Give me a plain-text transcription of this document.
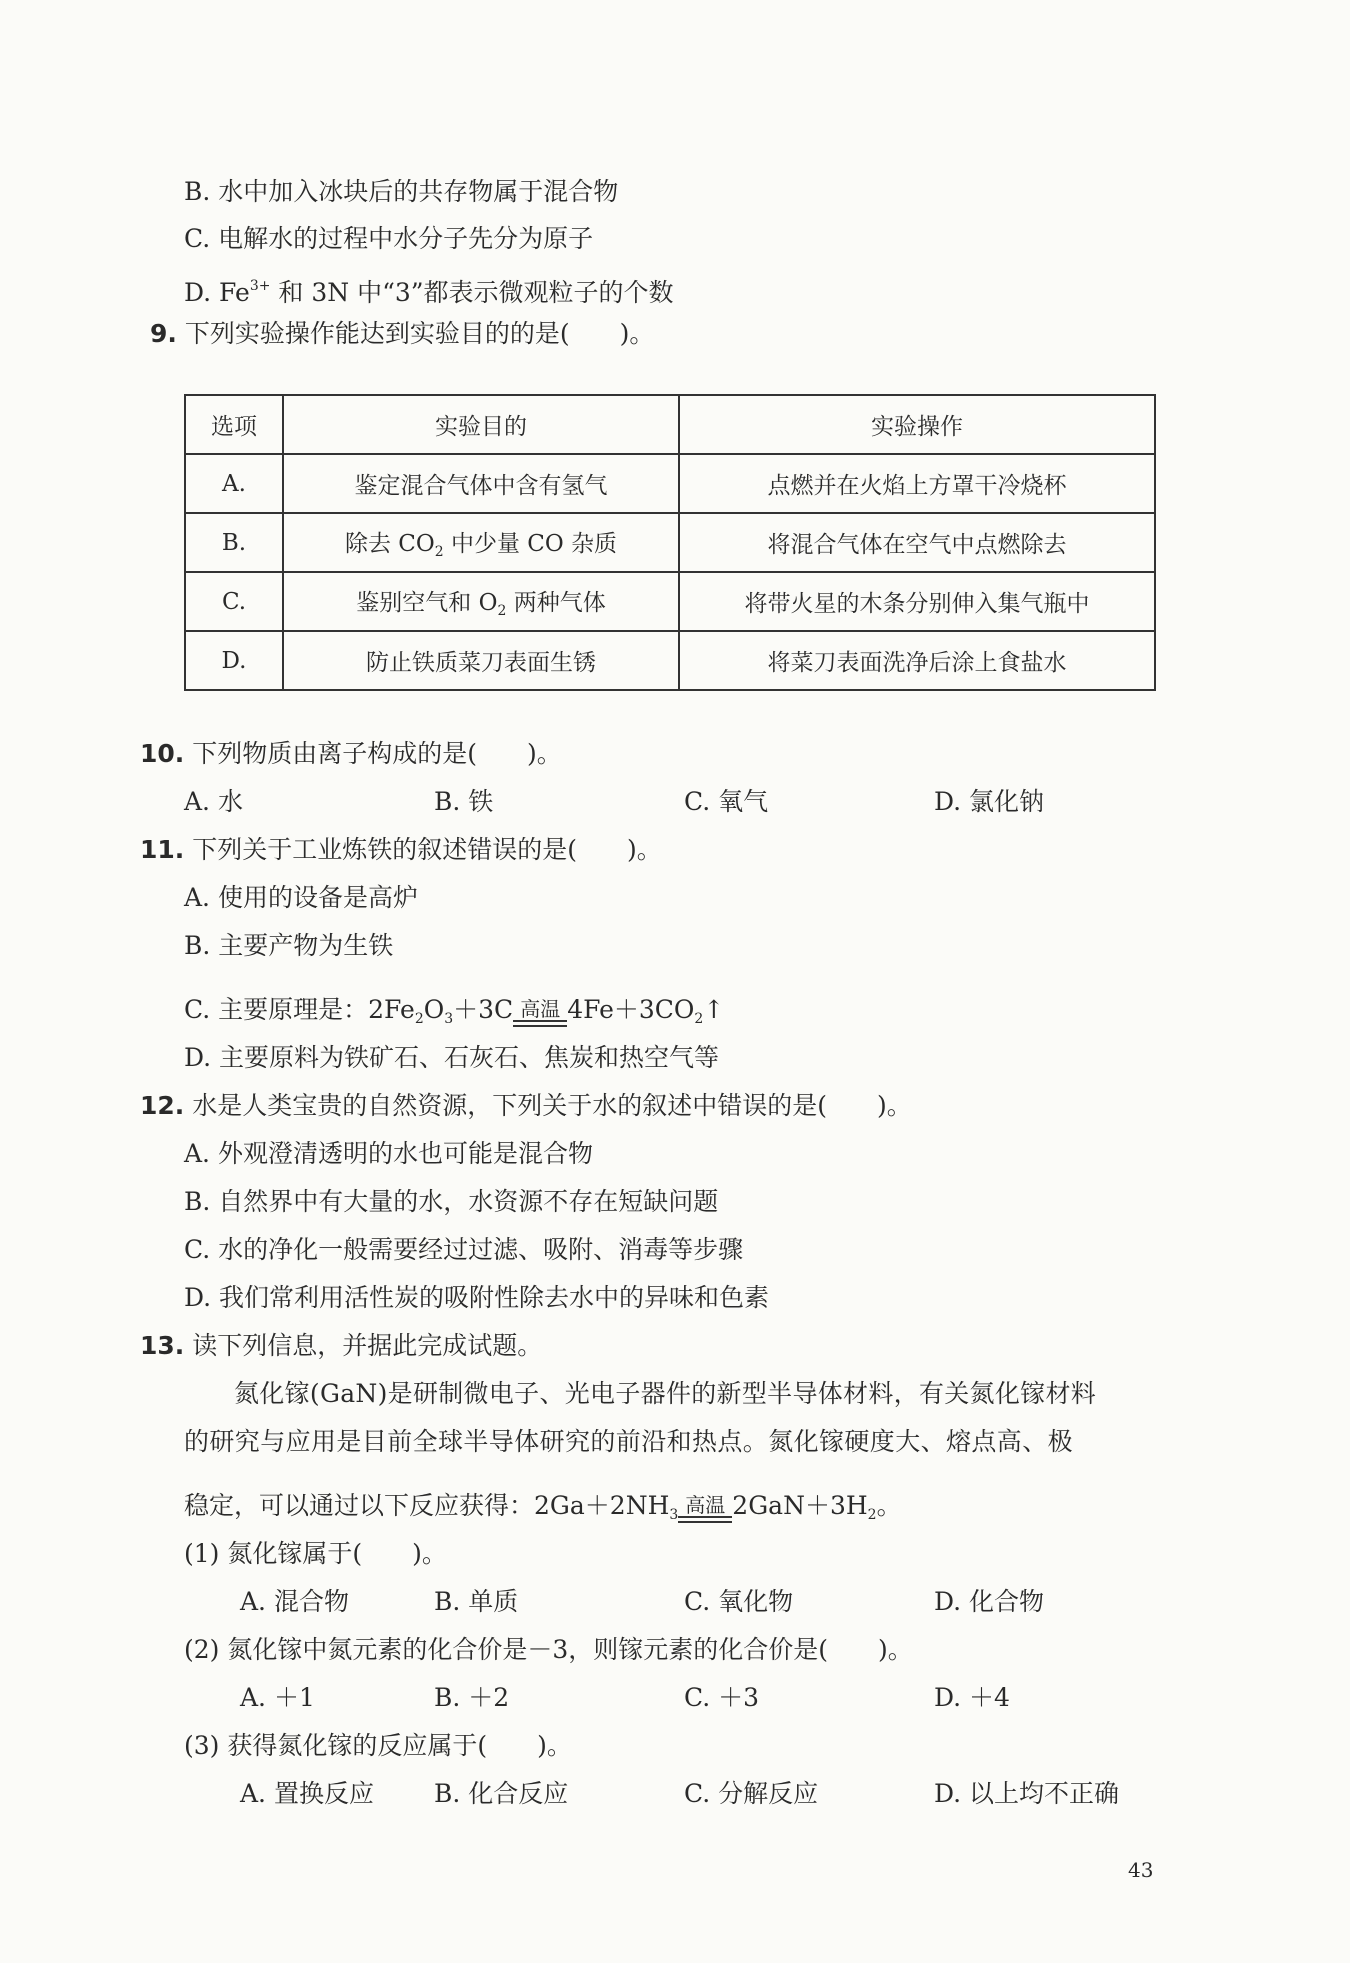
B. 水中加入冰块后的共存物属于混合物
C. 电解水的过程中水分子先分为原子
D. $Fe^{3+}$ 和 3N 中“3”都表示微观粒子的个数
9. 下列实验操作能达到实验目的的是(　　)。
选项	实验目的	实验操作
A.	鉴定混合气体中含有氢气	点燃并在火焰上方罩干冷烧杯
B.	除去 $CO_2$ 中少量 CO 杂质	将混合气体在空气中点燃除去
C.	鉴别空气和 $O_2$ 两种气体	将带火星的木条分别伸入集气瓶中
D.	防止铁质菜刀表面生锈	将菜刀表面洗净后涂上食盐水
10. 下列物质由离子构成的是(　　)。
A. 水	B. 铁	C. 氧气	D. 氯化钠
11. 下列关于工业炼铁的叙述错误的是(　　)。
A. 使用的设备是高炉
B. 主要产物为生铁
C. 主要原理是：$2Fe_2O_3+3C$ 高温 $4Fe+3CO_2↑$
D. 主要原料为铁矿石、石灰石、焦炭和热空气等
12. 水是人类宝贵的自然资源，下列关于水的叙述中错误的是(　　)。
A. 外观澄清透明的水也可能是混合物
B. 自然界中有大量的水，水资源不存在短缺问题
C. 水的净化一般需要经过过滤、吸附、消毒等步骤
D. 我们常利用活性炭的吸附性除去水中的异味和色素
13. 读下列信息，并据此完成试题。
氮化镓(GaN)是研制微电子、光电子器件的新型半导体材料，有关氮化镓材料
的研究与应用是目前全球半导体研究的前沿和热点。氮化镓硬度大、熔点高、极
稳定，可以通过以下反应获得：$2Ga+2NH_3$ 高温 $2GaN+3H_2$。
(1) 氮化镓属于(　　)。
A. 混合物	B. 单质	C. 氧化物	D. 化合物
(2) 氮化镓中氮元素的化合价是－3，则镓元素的化合价是(　　)。
A. ＋1	B. ＋2	C. ＋3	D. ＋4
(3) 获得氮化镓的反应属于(　　)。
A. 置换反应 B. 化合反应	C. 分解反应	D. 以上均不正确
43
